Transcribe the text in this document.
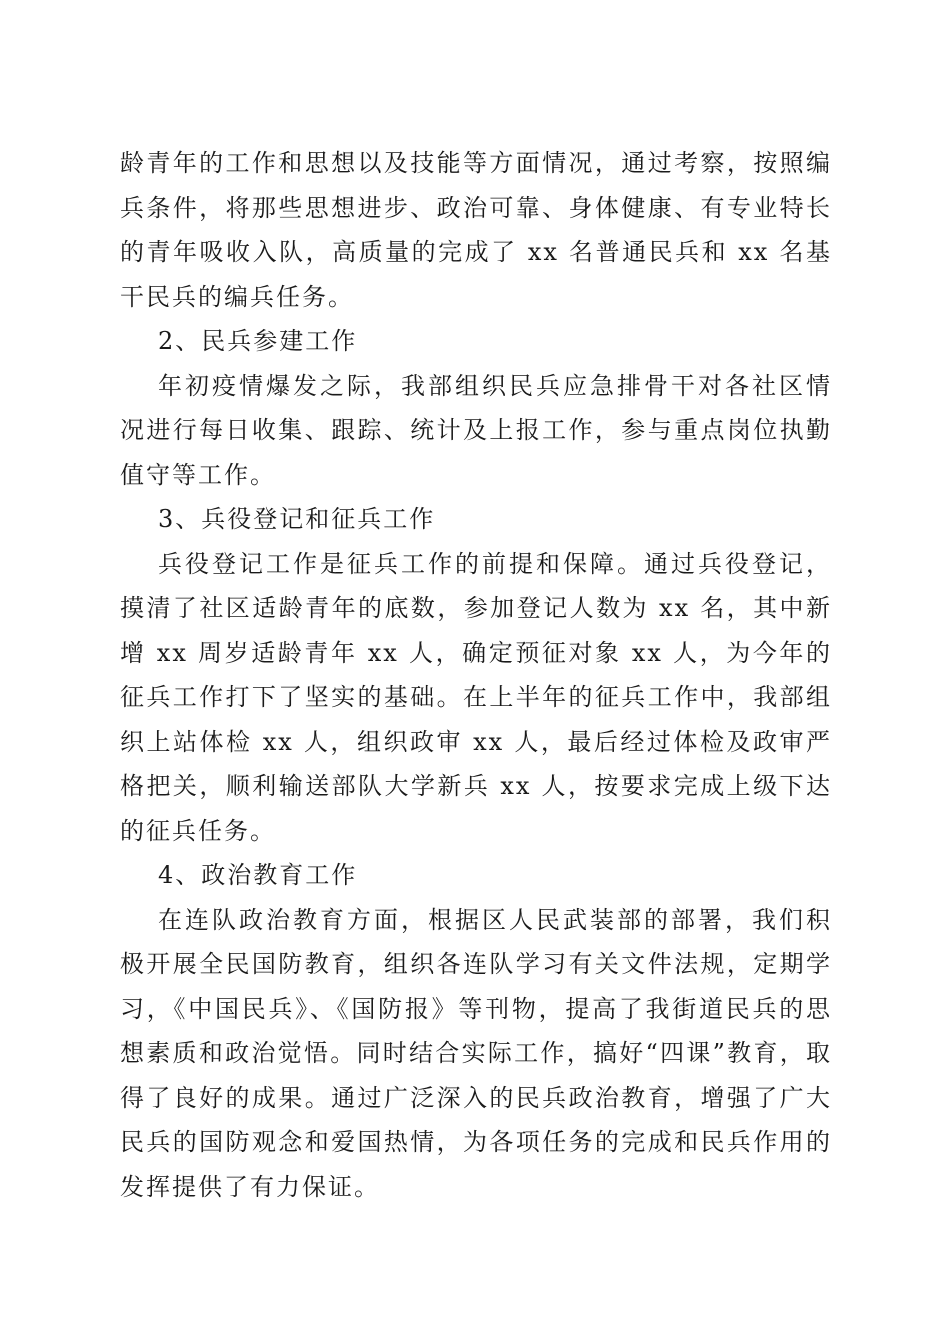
龄青年的工作和思想以及技能等方面情况，通过考察，按照编兵条件，将那些思想进步、政治可靠、身体健康、有专业特长的青年吸收入队，高质量的完成了 xx 名普通民兵和 xx 名基干民兵的编兵任务。

2、民兵参建工作

年初疫情爆发之际，我部组织民兵应急排骨干对各社区情况进行每日收集、跟踪、统计及上报工作，参与重点岗位执勤值守等工作。

3、兵役登记和征兵工作

兵役登记工作是征兵工作的前提和保障。通过兵役登记，摸清了社区适龄青年的底数，参加登记人数为 xx 名，其中新增 xx 周岁适龄青年 xx 人，确定预征对象 xx 人，为今年的征兵工作打下了坚实的基础。在上半年的征兵工作中，我部组织上站体检 xx 人，组织政审 xx 人，最后经过体检及政审严格把关，顺利输送部队大学新兵 xx 人，按要求完成上级下达的征兵任务。

4、政治教育工作

在连队政治教育方面，根据区人民武装部的部署，我们积极开展全民国防教育，组织各连队学习有关文件法规，定期学习，《中国民兵》、《国防报》等刊物，提高了我街道民兵的思想素质和政治觉悟。同时结合实际工作，搞好“四课”教育，取得了良好的成果。通过广泛深入的民兵政治教育，增强了广大民兵的国防观念和爱国热情，为各项任务的完成和民兵作用的发挥提供了有力保证。
